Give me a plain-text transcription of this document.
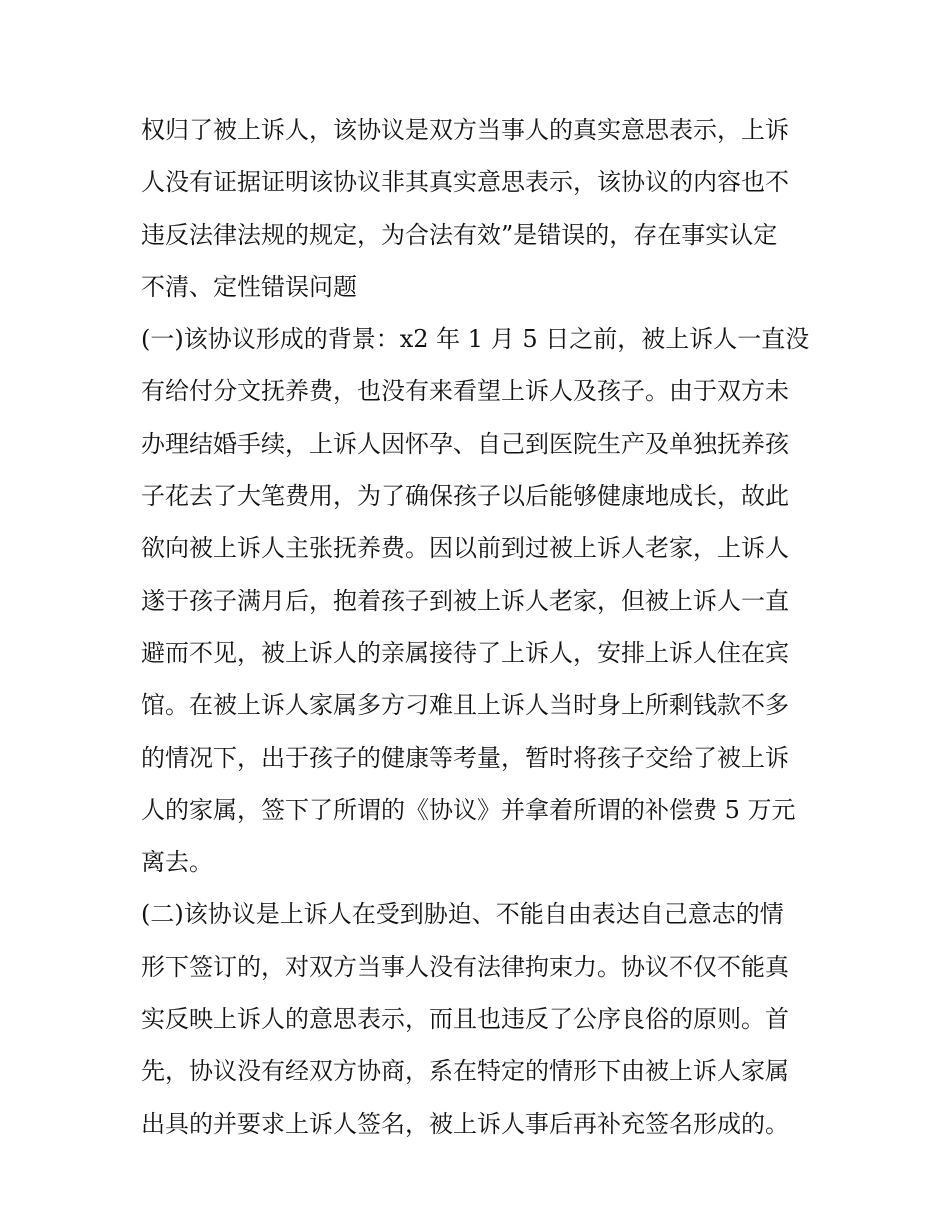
权归了被上诉人，该协议是双方当事人的真实意思表示，上诉
人没有证据证明该协议非其真实意思表示，该协议的内容也不
违反法律法规的规定，为合法有效”是错误的，存在事实认定
不清、定性错误问题
(一)该协议形成的背景：x2 年 1 月 5 日之前，被上诉人一直没
有给付分文抚养费，也没有来看望上诉人及孩子。由于双方未
办理结婚手续，上诉人因怀孕、自己到医院生产及单独抚养孩
子花去了大笔费用，为了确保孩子以后能够健康地成长，故此
欲向被上诉人主张抚养费。因以前到过被上诉人老家，上诉人
遂于孩子满月后，抱着孩子到被上诉人老家，但被上诉人一直
避而不见，被上诉人的亲属接待了上诉人，安排上诉人住在宾
馆。在被上诉人家属多方刁难且上诉人当时身上所剩钱款不多
的情况下，出于孩子的健康等考量，暂时将孩子交给了被上诉
人的家属，签下了所谓的《协议》并拿着所谓的补偿费 5 万元
离去。
(二)该协议是上诉人在受到胁迫、不能自由表达自己意志的情
形下签订的，对双方当事人没有法律拘束力。协议不仅不能真
实反映上诉人的意思表示，而且也违反了公序良俗的原则。首
先，协议没有经双方协商，系在特定的情形下由被上诉人家属
出具的并要求上诉人签名，被上诉人事后再补充签名形成的。
